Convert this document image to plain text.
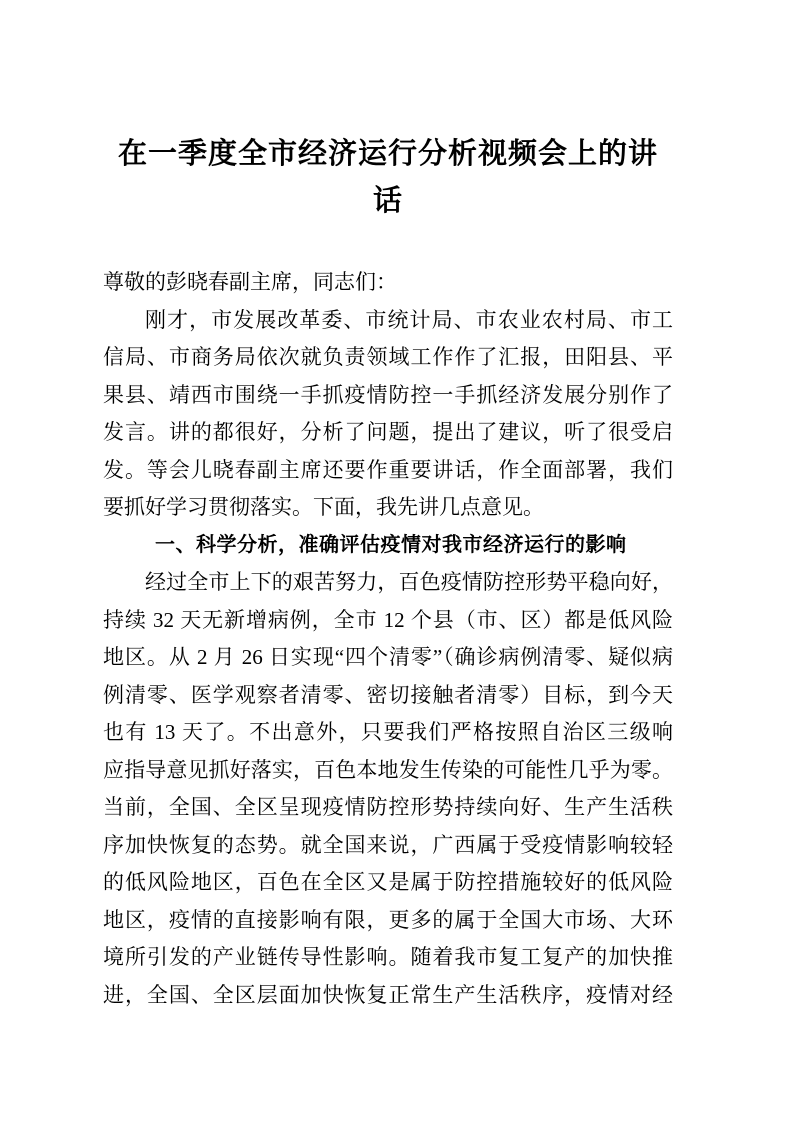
在一季度全市经济运行分析视频会上的讲
话
尊敬的彭晓春副主席，同志们：
刚才，市发展改革委、市统计局、市农业农村局、市工
信局、市商务局依次就负责领域工作作了汇报，田阳县、平
果县、靖西市围绕一手抓疫情防控一手抓经济发展分别作了
发言。讲的都很好，分析了问题，提出了建议，听了很受启
发。等会儿晓春副主席还要作重要讲话，作全面部署，我们
要抓好学习贯彻落实。下面，我先讲几点意见。
一、科学分析，准确评估疫情对我市经济运行的影响
经过全市上下的艰苦努力，百色疫情防控形势平稳向好，
持续 32 天无新增病例，全市 12 个县（市、区）都是低风险
地区。从 2 月 26 日实现“四个清零”（确诊病例清零、疑似病
例清零、医学观察者清零、密切接触者清零）目标，到今天
也有 13 天了。不出意外，只要我们严格按照自治区三级响
应指导意见抓好落实，百色本地发生传染的可能性几乎为零。
当前，全国、全区呈现疫情防控形势持续向好、生产生活秩
序加快恢复的态势。就全国来说，广西属于受疫情影响较轻
的低风险地区，百色在全区又是属于防控措施较好的低风险
地区，疫情的直接影响有限，更多的属于全国大市场、大环
境所引发的产业链传导性影响。随着我市复工复产的加快推
进，全国、全区层面加快恢复正常生产生活秩序，疫情对经
